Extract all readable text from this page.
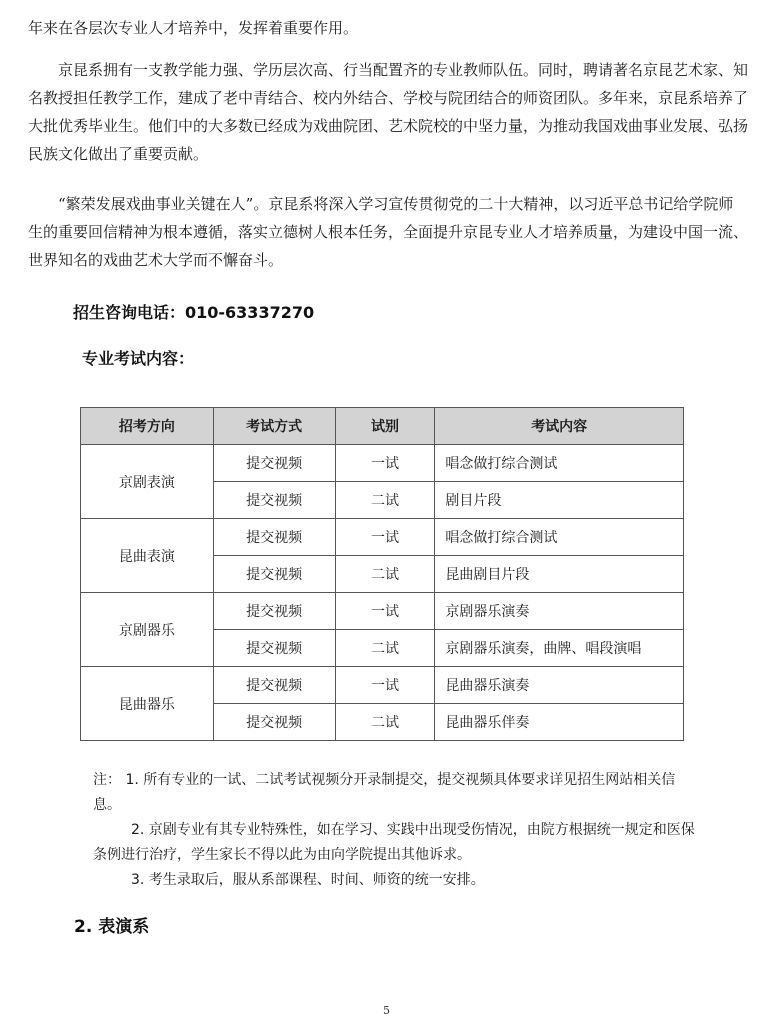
年来在各层次专业人才培养中，发挥着重要作用。

京昆系拥有一支教学能力强、学历层次高、行当配置齐的专业教师队伍。同时，聘请著名京昆艺术家、知名教授担任教学工作，建成了老中青结合、校内外结合、学校与院团结合的师资团队。多年来，京昆系培养了大批优秀毕业生。他们中的大多数已经成为戏曲院团、艺术院校的中坚力量，为推动我国戏曲事业发展、弘扬民族文化做出了重要贡献。

“繁荣发展戏曲事业关键在人”。京昆系将深入学习宣传贯彻党的二十大精神，以习近平总书记给学院师生的重要回信精神为根本遵循，落实立德树人根本任务，全面提升京昆专业人才培养质量，为建设中国一流、世界知名的戏曲艺术大学而不懈奋斗。

招生咨询电话：010-63337270
专业考试内容：
招考方向	考试方式	试别	考试内容
京剧表演	提交视频	一试	唱念做打综合测试
	提交视频	二试	剧目片段
昆曲表演	提交视频	一试	唱念做打综合测试
	提交视频	二试	昆曲剧目片段
京剧器乐	提交视频	一试	京剧器乐演奏
	提交视频	二试	京剧器乐演奏，曲牌、唱段演唱
昆曲器乐	提交视频	一试	昆曲器乐演奏
	提交视频	二试	昆曲器乐伴奏

注： 1. 所有专业的一试、二试考试视频分开录制提交，提交视频具体要求详见招生网站相关信息。

2. 京剧专业有其专业特殊性，如在学习、实践中出现受伤情况，由院方根据统一规定和医保条例进行治疗，学生家长不得以此为由向学院提出其他诉求。

3. 考生录取后，服从系部课程、时间、师资的统一安排。

2. 表演系
5
